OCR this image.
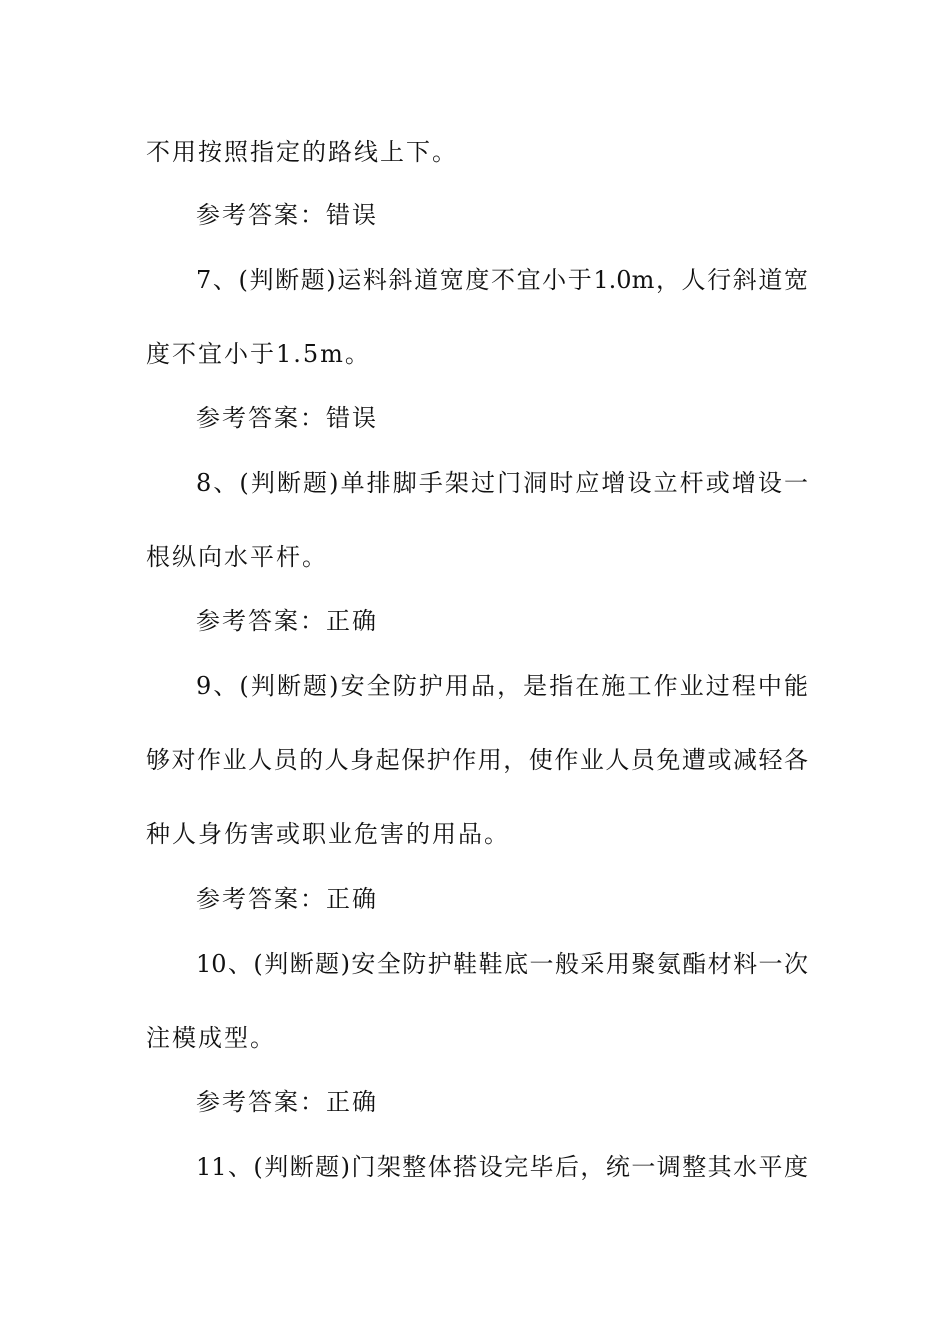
不用按照指定的路线上下。
参考答案：错误
7、(判断题)运料斜道宽度不宜小于1.0m，人行斜道宽
度不宜小于1.5m。
参考答案：错误
8、(判断题)单排脚手架过门洞时应增设立杆或增设一
根纵向水平杆。
参考答案：正确
9、(判断题)安全防护用品，是指在施工作业过程中能
够对作业人员的人身起保护作用，使作业人员免遭或减轻各
种人身伤害或职业危害的用品。
参考答案：正确
10、(判断题)安全防护鞋鞋底一般采用聚氨酯材料一次
注模成型。
参考答案：正确
11、(判断题)门架整体搭设完毕后，统一调整其水平度
